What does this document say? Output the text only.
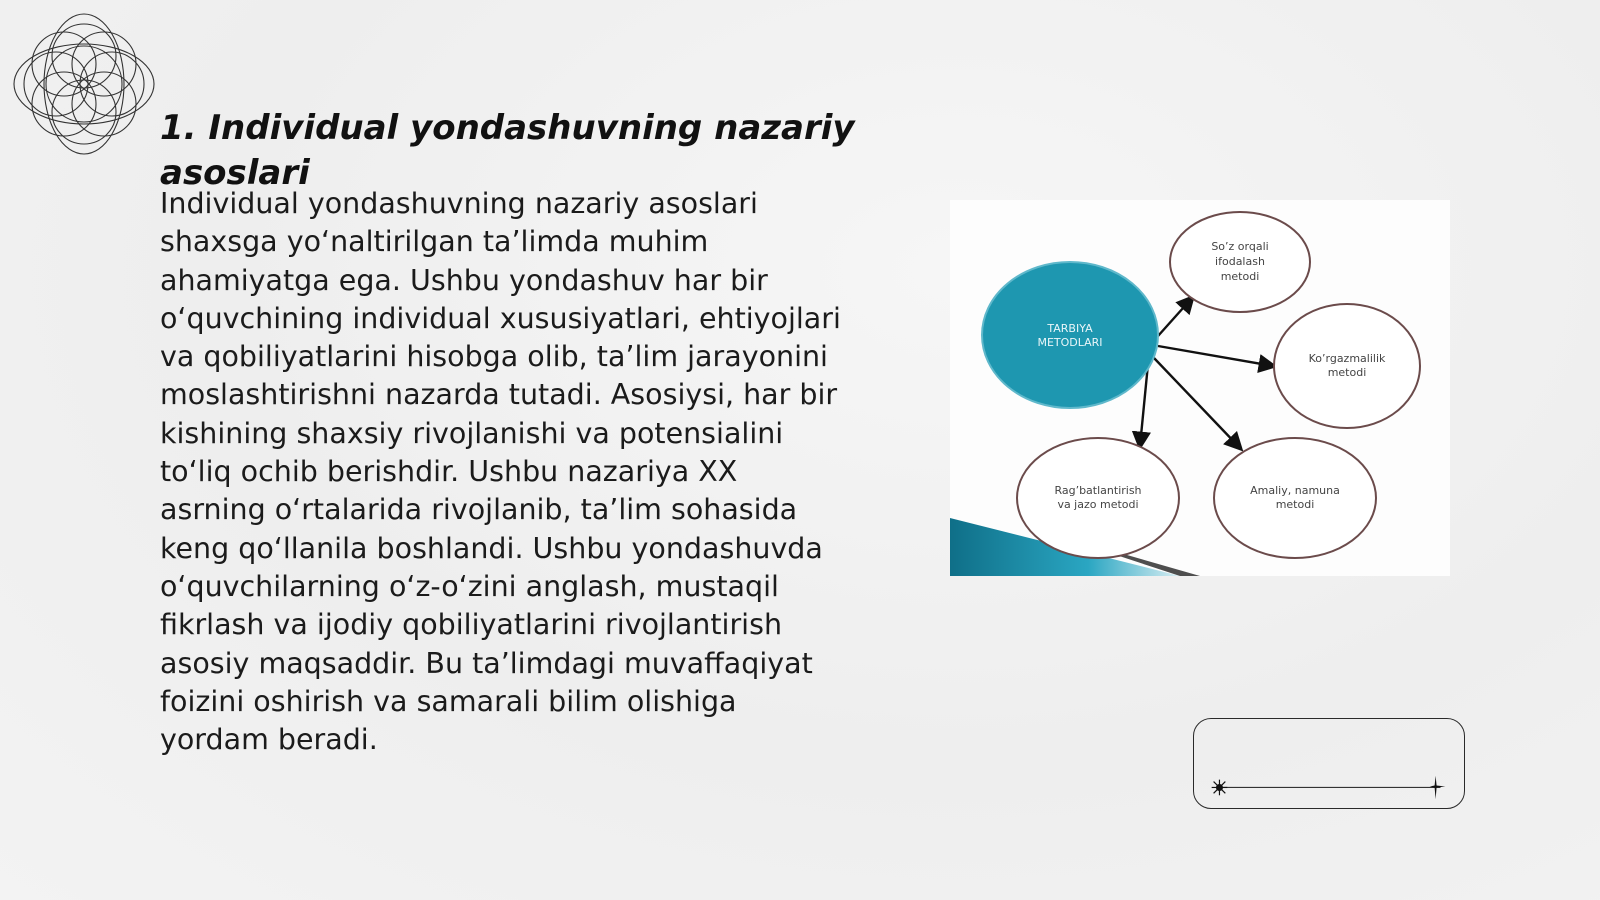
1. Individual yondashuvning nazariy asoslari

Individual yondashuvning nazariy asoslari shaxsga yo‘naltirilgan ta’limda muhim ahamiyatga ega. Ushbu yondashuv har bir o‘quvchining individual xususiyatlari, ehtiyojlari va qobiliyatlarini hisobga olib, ta’lim jarayonini moslashtirishni nazarda tutadi. Asosiysi, har bir kishining shaxsiy rivojlanishi va potensialini to‘liq ochib berishdir. Ushbu nazariya XX asrning o‘rtalarida rivojlanib, ta’lim sohasida keng qo‘llanila boshlandi. Ushbu yondashuvda o‘quvchilarning o‘z-o‘zini anglash, mustaqil fikrlash va ijodiy qobiliyatlarini rivojlantirish asosiy maqsaddir. Bu ta’limdagi muvaffaqiyat foizini oshirish va samarali bilim olishiga yordam beradi.

TARBIYA
METODLARI
So’z orqali
ifodalash
metodi
Ko’rgazmalilik
metodi
Amaliy, namuna
metodi
Rag’batlantirish
va jazo metodi
